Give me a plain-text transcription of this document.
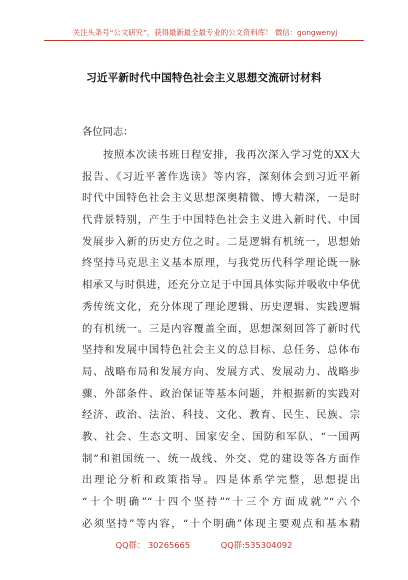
关注头条号“公文研究”，获得最新最全最专业的公文资料库！ 微信：gongwenyj
习近平新时代中国特色社会主义思想交流研讨材料
各位同志：
按照本次读书班日程安排，我再次深入学习党的XX大
报告、《习近平著作选读》等内容，深刻体会到习近平新
时代中国特色社会主义思想深奥精微、博大精深，一是时
代背景特别，产生于中国特色社会主义进入新时代、中国
发展步入新的历史方位之时。二是逻辑有机统一，思想始
终坚持马克思主义基本原理，与我党历代科学理论既一脉
相承又与时俱进，还充分立足于中国具体实际并吸收中华优
秀传统文化，充分体现了理论逻辑、历史逻辑、实践逻辑
的有机统一。三是内容覆盖全面，思想深刻回答了新时代
坚持和发展中国特色社会主义的总目标、总任务、总体布
局、战略布局和发展方向、发展方式、发展动力、战略步
骤、外部条件、政治保证等基本问题，并根据新的实践对
经济、政治、法治、科技、文化、教育、民生、民族、宗
教、社会、生态文明、国家安全、国防和军队、“一国两
制”和祖国统一、统一战线、外交、党的建设等各方面作
出理论分析和政策指导。四是体系学完整，思想提出
“十个明确”“十四个坚持”“十三个方面成就”“六个
必须坚持”等内容，“十个明确”体现主要观点和基本精
QQ群： 30265665	QQ群:535304092
